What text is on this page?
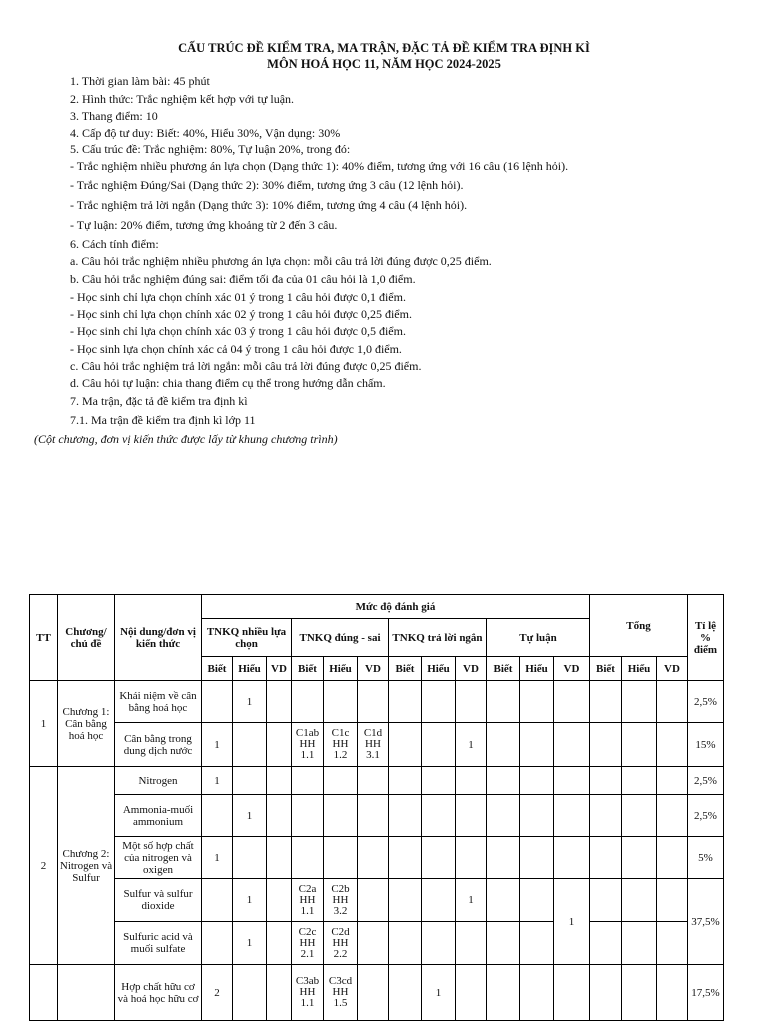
CẤU TRÚC ĐỀ KIỂM TRA, MA TRẬN, ĐẶC TẢ ĐỀ KIỂM TRA ĐỊNH KÌ
MÔN HOÁ HỌC 11, NĂM HỌC 2024-2025
1. Thời gian làm bài: 45 phút
2. Hình thức: Trắc nghiệm kết hợp với tự luận.
3. Thang điểm: 10
4. Cấp độ tư duy: Biết: 40%, Hiểu 30%, Vận dụng: 30%
5. Cấu trúc đề: Trắc nghiệm: 80%, Tự luận 20%, trong đó:
- Trắc nghiệm nhiều phương án lựa chọn (Dạng thức 1): 40% điểm, tương ứng với 16 câu (16 lệnh hỏi).
- Trắc nghiệm Đúng/Sai (Dạng thức 2): 30% điểm, tương ứng 3 câu (12 lệnh hỏi).
- Trắc nghiệm trả lời ngắn (Dạng thức 3): 10% điểm, tương ứng 4 câu (4 lệnh hỏi).
- Tự luận: 20% điểm, tương ứng khoảng từ 2 đến 3 câu.
6. Cách tính điểm:
a. Câu hỏi trắc nghiệm nhiều phương án lựa chọn: mỗi câu trả lời đúng được 0,25 điểm.
b. Câu hỏi trắc nghiệm đúng sai: điểm tối đa của 01 câu hỏi là 1,0 điểm.
- Học sinh chỉ lựa chọn chính xác 01 ý trong 1 câu hỏi được 0,1 điểm.
- Học sinh chỉ lựa chọn chính xác 02 ý trong 1 câu hỏi được 0,25 điểm.
- Học sinh chỉ lựa chọn chính xác 03 ý trong 1 câu hỏi được 0,5 điểm.
- Học sinh lựa chọn chính xác cả 04 ý trong 1 câu hỏi được 1,0 điểm.
c. Câu hỏi trắc nghiệm trả lời ngắn: mỗi câu trả lời đúng được 0,25 điểm.
d. Câu hỏi tự luận: chia thang điểm cụ thể trong hướng dẫn chấm.
7. Ma trận, đặc tả đề kiểm tra định kì
7.1. Ma trận đề kiểm tra định kì lớp 11
(Cột chương, đơn vị kiến thức được lấy từ khung chương trình)
TT	Chương/ chủ đề	Nội dung/đơn vị kiến thức	Mức độ đánh giá												Tổng			Tỉ lệ % điểm
			TNKQ nhiều lựa chọn			TNKQ đúng - sai			TNKQ trả lời ngắn			Tự luận						
			Biết	Hiểu	VD	Biết	Hiểu	VD	Biết	Hiểu	VD	Biết	Hiểu	VD	Biết	Hiểu	VD	
1	Chương 1: Cân bằng hoá học	Khái niệm về cân bằng hoá học		1														2,5%
		Cân bằng trong dung dịch nước	1			C1ab HH 1.1	C1c HH 1.2	C1d HH 3.1			1							15%
2	Chương 2: Nitrogen và Sulfur	Nitrogen	1															2,5%
		Ammonia-muối ammonium		1														2,5%
		Một số hợp chất của nitrogen và oxigen	1															5%
		Sulfur và sulfur dioxide		1		C2a HH 1.1	C2b HH 3.2				1			1				37,5%
		Sulfuric acid và muối sulfate		1		C2c HH 2.1	C2d HH 2.2											
		Hợp chất hữu cơ và hoá học hữu cơ	2			C3ab HH 1.1	C3cd HH 1.5			1								17,5%
